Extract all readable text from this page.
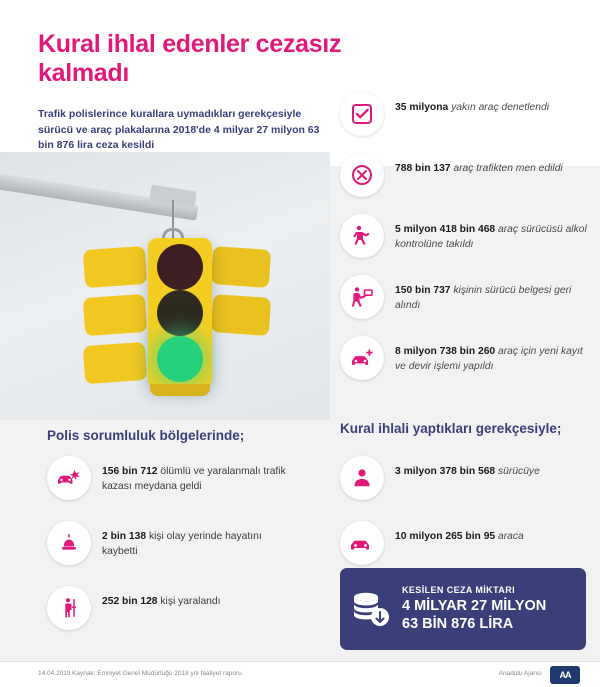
Kural ihlal edenler cezasız kalmadı
Trafik polislerince kurallara uymadıkları gerekçesiyle sürücü ve araç plakalarına 2018'de 4 milyar 27 milyon 63 bin 876 lira ceza kesildi
35 milyona yakın araç denetlendi
788 bin 137 araç trafikten men edildi
5 milyon 418 bin 468 araç sürücüsü alkol kontrolüne takıldı
150 bin 737 kişinin sürücü belgesi geri alındı
8 milyon 738 bin 260 araç için yeni kayıt ve devir işlemi yapıldı
Polis sorumluluk bölgelerinde;	Kural ihlali yaptıkları gerekçesiyle;
156 bin 712 ölümlü ve yaralanmalı trafik kazası meydana geldi
2 bin 138 kişi olay yerinde hayatını kaybetti
252 bin 128 kişi yaralandı
3 milyon 378 bin 568 sürücüye
10 milyon 265 bin 95 araca
KESİLEN CEZA MİKTARI
4 MİLYAR 27 MİLYON
63 BİN 876 LİRA
14.04.2019 Kaynak: Emniyet Genel Müdürlüğü 2018 yılı faaliyet raporu	Anadolu Ajansı	AA
